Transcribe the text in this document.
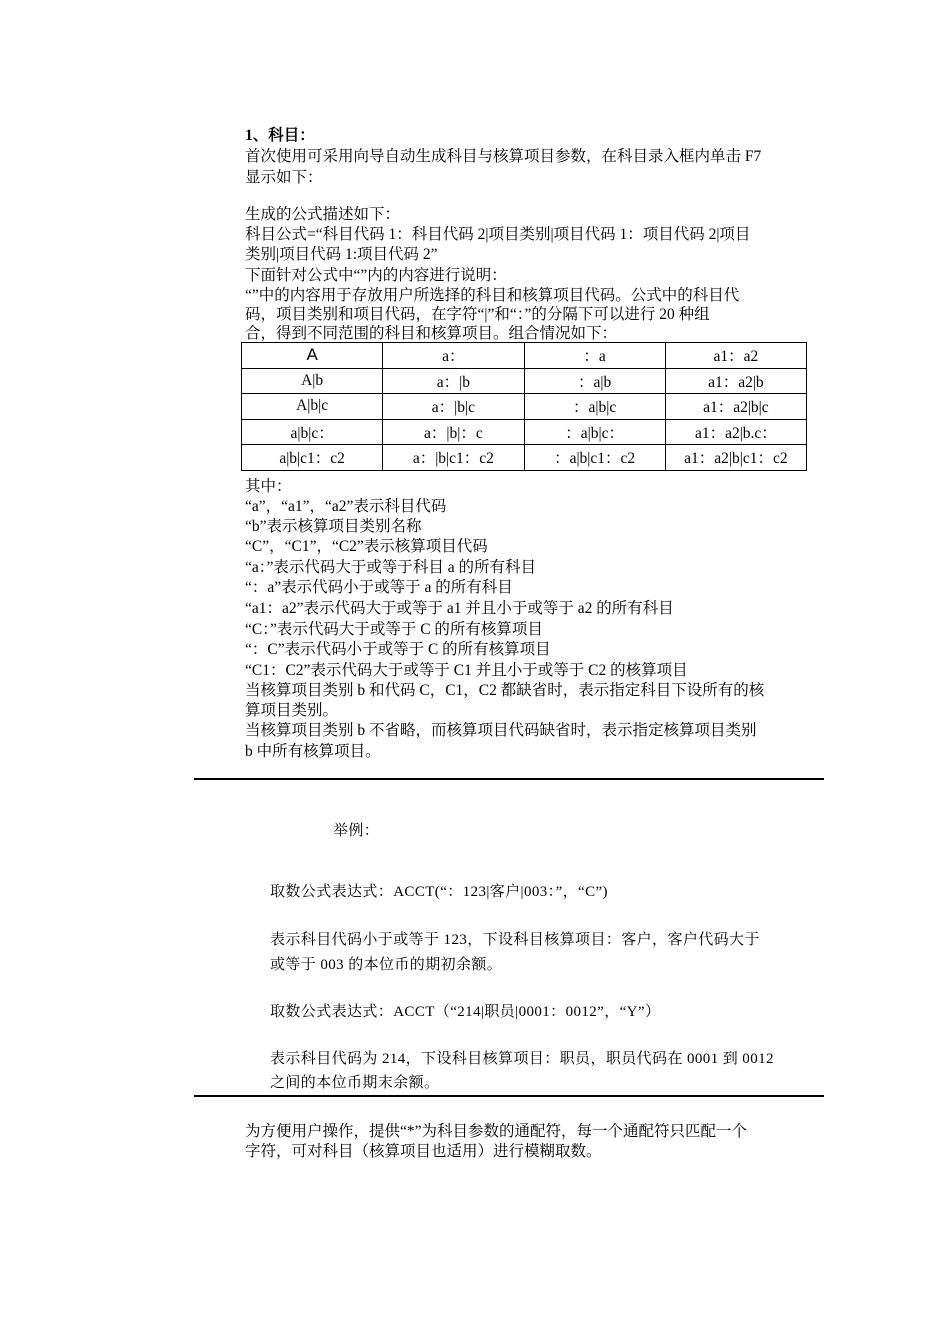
1、科目：
首次使用可采用向导自动生成科目与核算项目参数，在科目录入框内单击 F7
显示如下：
生成的公式描述如下：
科目公式=“科目代码 1：科目代码 2|项目类别|项目代码 1：项目代码 2|项目
类别|项目代码 1:项目代码 2”
下面针对公式中“”内的内容进行说明：
“”中的内容用于存放用户所选择的科目和核算项目代码。公式中的科目代
码，项目类别和项目代码，在字符“|”和“：”的分隔下可以进行 20 种组
合，得到不同范围的科目和核算项目。组合情况如下：
A	a：	：a	a1：a2
A|b	a：|b	：a|b	a1：a2|b
A|b|c	a：|b|c	：a|b|c	a1：a2|b|c
a|b|c：	a：|b|：c	：a|b|c：	a1：a2|b.c：
a|b|c1：c2	a：|b|c1：c2	：a|b|c1：c2	a1：a2|b|c1：c2
其中：
“a”，“a1”，“a2”表示科目代码
“b”表示核算项目类别名称
“C”，“C1”，“C2”表示核算项目代码
“a：”表示代码大于或等于科目 a 的所有科目
“：a”表示代码小于或等于 a 的所有科目
“a1：a2”表示代码大于或等于 a1 并且小于或等于 a2 的所有科目
“C：”表示代码大于或等于 C 的所有核算项目
“：C”表示代码小于或等于 C 的所有核算项目
“C1：C2”表示代码大于或等于 C1 并且小于或等于 C2 的核算项目
当核算项目类别 b 和代码 C，C1，C2 都缺省时，表示指定科目下设所有的核
算项目类别。
当核算项目类别 b 不省略，而核算项目代码缺省时，表示指定核算项目类别
b 中所有核算项目。
举例：
取数公式表达式：ACCT(“：123|客户|003：”，“C”)
表示科目代码小于或等于 123，下设科目核算项目：客户，客户代码大于
或等于 003 的本位币的期初余额。
取数公式表达式：ACCT（“214|职员|0001：0012”，“Y”）
表示科目代码为 214，下设科目核算项目：职员，职员代码在 0001 到 0012
之间的本位币期末余额。
为方便用户操作，提供“*”为科目参数的通配符，每一个通配符只匹配一个
字符，可对科目（核算项目也适用）进行模糊取数。
